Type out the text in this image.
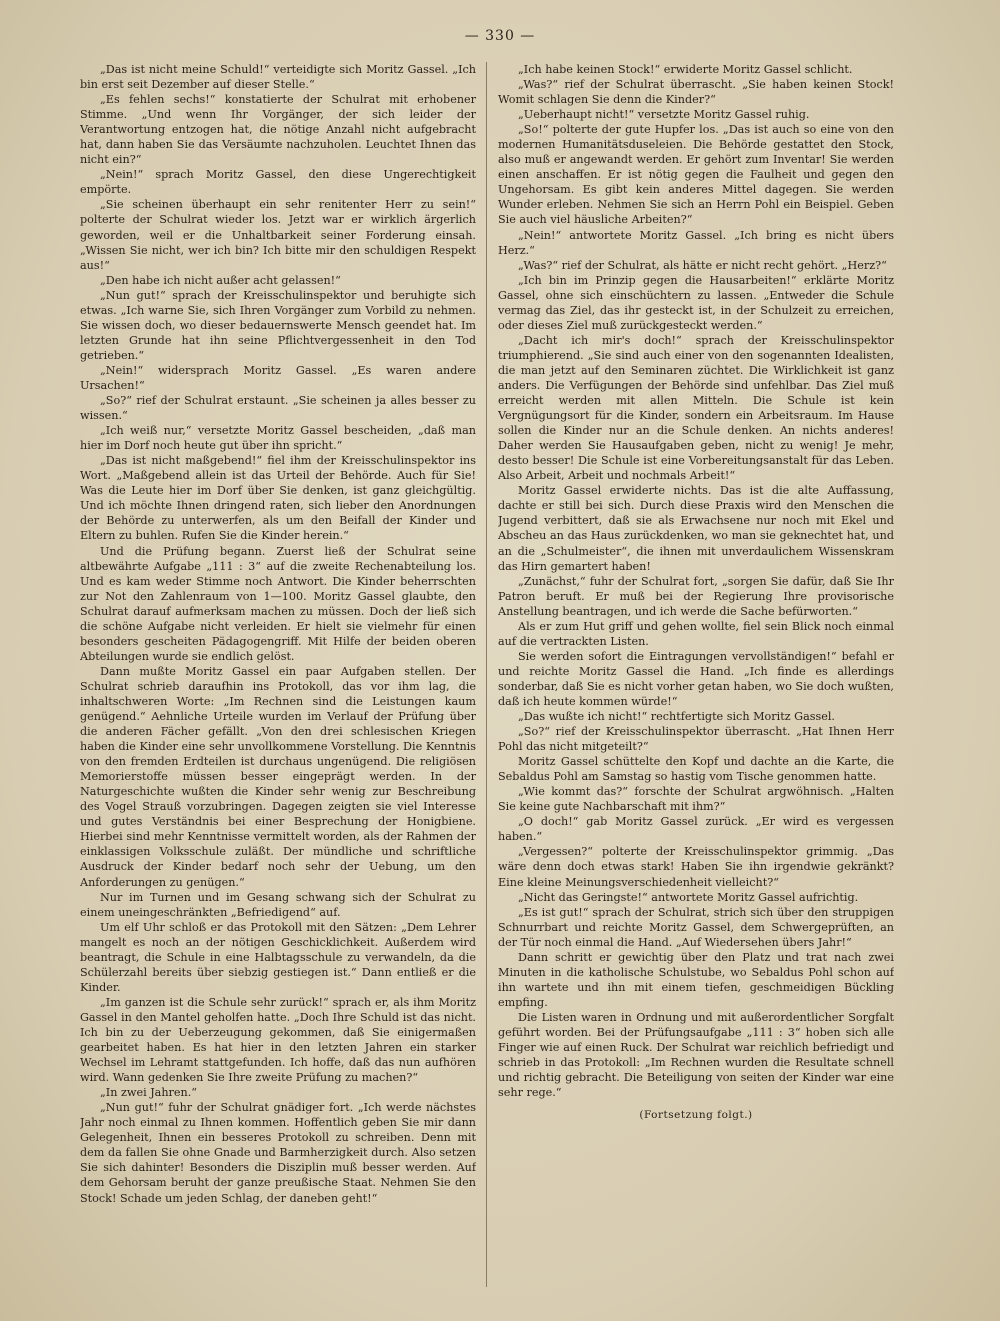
— 330 —

„Das ist nicht meine Schuld!“ verteidigte sich Moritz Gassel. „Ich bin erst seit Dezember auf dieser Stelle.“

„Es fehlen sechs!“ konstatierte der Schulrat mit erhobener Stimme. „Und wenn Ihr Vorgänger, der sich leider der Verantwortung entzogen hat, die nötige Anzahl nicht aufgebracht hat, dann haben Sie das Versäumte nachzuholen. Leuchtet Ihnen das nicht ein?“

„Nein!“ sprach Moritz Gassel, den diese Ungerechtigkeit empörte.

„Sie scheinen überhaupt ein sehr renitenter Herr zu sein!“ polterte der Schulrat wieder los. Jetzt war er wirklich ärgerlich geworden, weil er die Unhaltbarkeit seiner Forderung einsah. „Wissen Sie nicht, wer ich bin? Ich bitte mir den schuldigen Respekt aus!“

„Den habe ich nicht außer acht gelassen!“

„Nun gut!“ sprach der Kreisschulinspektor und beruhigte sich etwas. „Ich warne Sie, sich Ihren Vorgänger zum Vorbild zu nehmen. Sie wissen doch, wo dieser bedauernswerte Mensch geendet hat. Im letzten Grunde hat ihn seine Pflichtvergessenheit in den Tod getrieben.“

„Nein!“ widersprach Moritz Gassel. „Es waren andere Ursachen!“

„So?“ rief der Schulrat erstaunt. „Sie scheinen ja alles besser zu wissen.“

„Ich weiß nur,“ versetzte Moritz Gassel bescheiden, „daß man hier im Dorf noch heute gut über ihn spricht.“

„Das ist nicht maßgebend!“ fiel ihm der Kreisschulinspektor ins Wort. „Maßgebend allein ist das Urteil der Behörde. Auch für Sie! Was die Leute hier im Dorf über Sie denken, ist ganz gleichgültig. Und ich möchte Ihnen dringend raten, sich lieber den Anordnungen der Behörde zu unterwerfen, als um den Beifall der Kinder und Eltern zu buhlen. Rufen Sie die Kinder herein.“

Und die Prüfung begann. Zuerst ließ der Schulrat seine altbewährte Aufgabe „111 : 3“ auf die zweite Rechenabteilung los. Und es kam weder Stimme noch Antwort. Die Kinder beherrschten zur Not den Zahlenraum von 1—100. Moritz Gassel glaubte, den Schulrat darauf aufmerksam machen zu müssen. Doch der ließ sich die schöne Aufgabe nicht verleiden. Er hielt sie vielmehr für einen besonders gescheiten Pädagogengriff. Mit Hilfe der beiden oberen Abteilungen wurde sie endlich gelöst.

Dann mußte Moritz Gassel ein paar Aufgaben stellen. Der Schulrat schrieb daraufhin ins Protokoll, das vor ihm lag, die inhaltschweren Worte: „Im Rechnen sind die Leistungen kaum genügend.“ Aehnliche Urteile wurden im Verlauf der Prüfung über die anderen Fächer gefällt. „Von den drei schlesischen Kriegen haben die Kinder eine sehr unvollkommene Vorstellung. Die Kenntnis von den fremden Erdteilen ist durchaus ungenügend. Die religiösen Memorierstoffe müssen besser eingeprägt werden. In der Naturgeschichte wußten die Kinder sehr wenig zur Beschreibung des Vogel Strauß vorzubringen. Dagegen zeigten sie viel Interesse und gutes Verständnis bei einer Besprechung der Honigbiene. Hierbei sind mehr Kenntnisse vermittelt worden, als der Rahmen der einklassigen Volksschule zuläßt. Der mündliche und schriftliche Ausdruck der Kinder bedarf noch sehr der Uebung, um den Anforderungen zu genügen.“

Nur im Turnen und im Gesang schwang sich der Schulrat zu einem uneingeschränkten „Befriedigend“ auf.

Um elf Uhr schloß er das Protokoll mit den Sätzen: „Dem Lehrer mangelt es noch an der nötigen Geschicklichkeit. Außerdem wird beantragt, die Schule in eine Halbtagsschule zu verwandeln, da die Schülerzahl bereits über siebzig gestiegen ist.“ Dann entließ er die Kinder.

„Im ganzen ist die Schule sehr zurück!“ sprach er, als ihm Moritz Gassel in den Mantel geholfen hatte. „Doch Ihre Schuld ist das nicht. Ich bin zu der Ueberzeugung gekommen, daß Sie einigermaßen gearbeitet haben. Es hat hier in den letzten Jahren ein starker Wechsel im Lehramt stattgefunden. Ich hoffe, daß das nun aufhören wird. Wann gedenken Sie Ihre zweite Prüfung zu machen?“

„In zwei Jahren.“

„Nun gut!“ fuhr der Schulrat gnädiger fort. „Ich werde nächstes Jahr noch einmal zu Ihnen kommen. Hoffentlich geben Sie mir dann Gelegenheit, Ihnen ein besseres Protokoll zu schreiben. Denn mit dem da fallen Sie ohne Gnade und Barmherzigkeit durch. Also setzen Sie sich dahinter! Besonders die Disziplin muß besser werden. Auf dem Gehorsam beruht der ganze preußische Staat. Nehmen Sie den Stock! Schade um jeden Schlag, der daneben geht!“

„Ich habe keinen Stock!“ erwiderte Moritz Gassel schlicht.

„Was?“ rief der Schulrat überrascht. „Sie haben keinen Stock! Womit schlagen Sie denn die Kinder?“

„Ueberhaupt nicht!“ versetzte Moritz Gassel ruhig.

„So!“ polterte der gute Hupfer los. „Das ist auch so eine von den modernen Humanitätsduseleien. Die Behörde gestattet den Stock, also muß er angewandt werden. Er gehört zum Inventar! Sie werden einen anschaffen. Er ist nötig gegen die Faulheit und gegen den Ungehorsam. Es gibt kein anderes Mittel dagegen. Sie werden Wunder erleben. Nehmen Sie sich an Herrn Pohl ein Beispiel. Geben Sie auch viel häusliche Arbeiten?“

„Nein!“ antwortete Moritz Gassel. „Ich bring es nicht übers Herz.“

„Was?“ rief der Schulrat, als hätte er nicht recht gehört. „Herz?“

„Ich bin im Prinzip gegen die Hausarbeiten!“ erklärte Moritz Gassel, ohne sich einschüchtern zu lassen. „Entweder die Schule vermag das Ziel, das ihr gesteckt ist, in der Schulzeit zu erreichen, oder dieses Ziel muß zurückgesteckt werden.“

„Dacht ich mir's doch!“ sprach der Kreisschulinspektor triumphierend. „Sie sind auch einer von den sogenannten Idealisten, die man jetzt auf den Seminaren züchtet. Die Wirklichkeit ist ganz anders. Die Verfügungen der Behörde sind unfehlbar. Das Ziel muß erreicht werden mit allen Mitteln. Die Schule ist kein Vergnügungsort für die Kinder, sondern ein Arbeitsraum. Im Hause sollen die Kinder nur an die Schule denken. An nichts anderes! Daher werden Sie Hausaufgaben geben, nicht zu wenig! Je mehr, desto besser! Die Schule ist eine Vorbereitungsanstalt für das Leben. Also Arbeit, Arbeit und nochmals Arbeit!“

Moritz Gassel erwiderte nichts. Das ist die alte Auffassung, dachte er still bei sich. Durch diese Praxis wird den Menschen die Jugend verbittert, daß sie als Erwachsene nur noch mit Ekel und Abscheu an das Haus zurückdenken, wo man sie geknechtet hat, und an die „Schulmeister“, die ihnen mit unverdaulichem Wissenskram das Hirn gemartert haben!

„Zunächst,“ fuhr der Schulrat fort, „sorgen Sie dafür, daß Sie Ihr Patron beruft. Er muß bei der Regierung Ihre provisorische Anstellung beantragen, und ich werde die Sache befürworten.“

Als er zum Hut griff und gehen wollte, fiel sein Blick noch einmal auf die vertrackten Listen.

Sie werden sofort die Eintragungen vervollständigen!“ befahl er und reichte Moritz Gassel die Hand. „Ich finde es allerdings sonderbar, daß Sie es nicht vorher getan haben, wo Sie doch wußten, daß ich heute kommen würde!“

„Das wußte ich nicht!“ rechtfertigte sich Moritz Gassel.

„So?“ rief der Kreisschulinspektor überrascht. „Hat Ihnen Herr Pohl das nicht mitgeteilt?“

Moritz Gassel schüttelte den Kopf und dachte an die Karte, die Sebaldus Pohl am Samstag so hastig vom Tische genommen hatte.

„Wie kommt das?“ forschte der Schulrat argwöhnisch. „Halten Sie keine gute Nachbarschaft mit ihm?“

„O doch!“ gab Moritz Gassel zurück. „Er wird es vergessen haben.“

„Vergessen?“ polterte der Kreisschulinspektor grimmig. „Das wäre denn doch etwas stark! Haben Sie ihn irgendwie gekränkt? Eine kleine Meinungsverschiedenheit vielleicht?“

„Nicht das Geringste!“ antwortete Moritz Gassel aufrichtig.

„Es ist gut!“ sprach der Schulrat, strich sich über den struppigen Schnurrbart und reichte Moritz Gassel, dem Schwergeprüften, an der Tür noch einmal die Hand. „Auf Wiedersehen übers Jahr!“

Dann schritt er gewichtig über den Platz und trat nach zwei Minuten in die katholische Schulstube, wo Sebaldus Pohl schon auf ihn wartete und ihn mit einem tiefen, geschmeidigen Bückling empfing.

Die Listen waren in Ordnung und mit außerordentlicher Sorgfalt geführt worden. Bei der Prüfungsaufgabe „111 : 3“ hoben sich alle Finger wie auf einen Ruck. Der Schulrat war reichlich befriedigt und schrieb in das Protokoll: „Im Rechnen wurden die Resultate schnell und richtig gebracht. Die Beteiligung von seiten der Kinder war eine sehr rege.“

(Fortsetzung folgt.)
